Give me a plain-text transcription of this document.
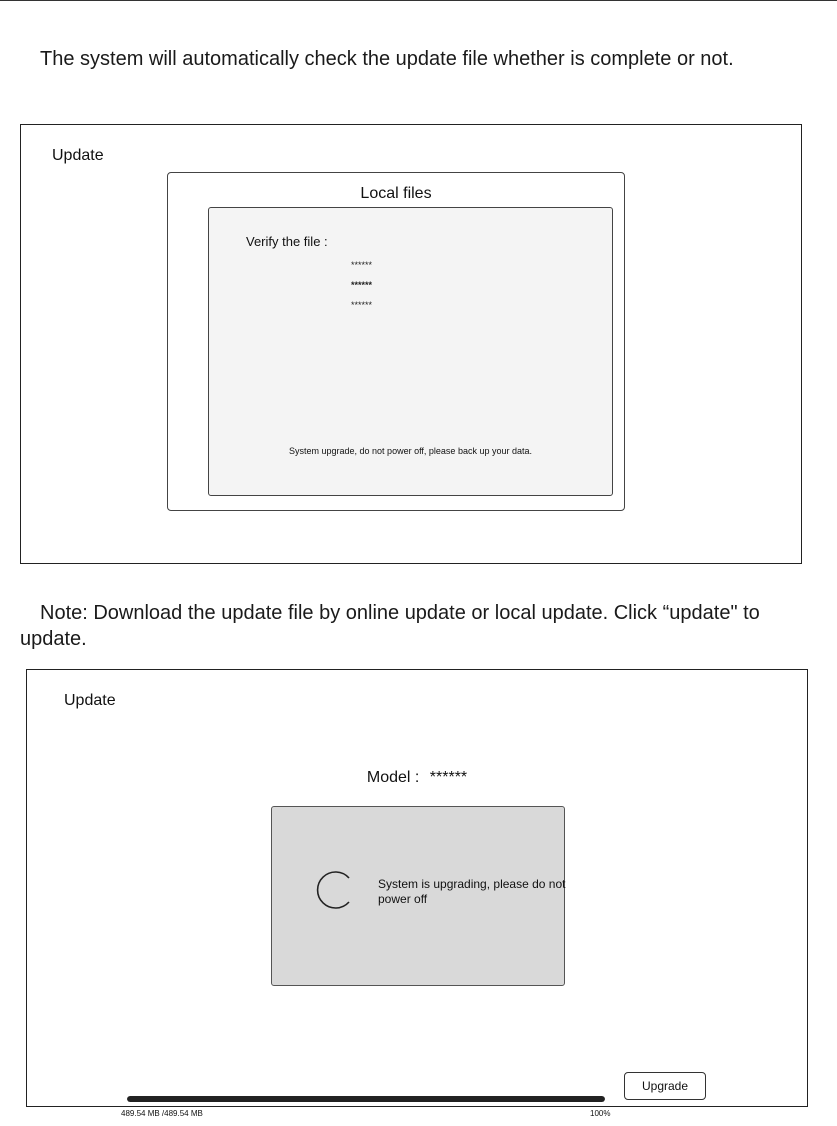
The system will automatically check the update file whether is complete or not.

Update
Local files
Verify the file :
******
******
******
System upgrade, do not power off, please back up your data.

Note: Download the update file by online update or local update. Click “update" to update.

Update
Model : ******
System is upgrading, please do not power off
489.54 MB /489.54 MB	100%
Upgrade
